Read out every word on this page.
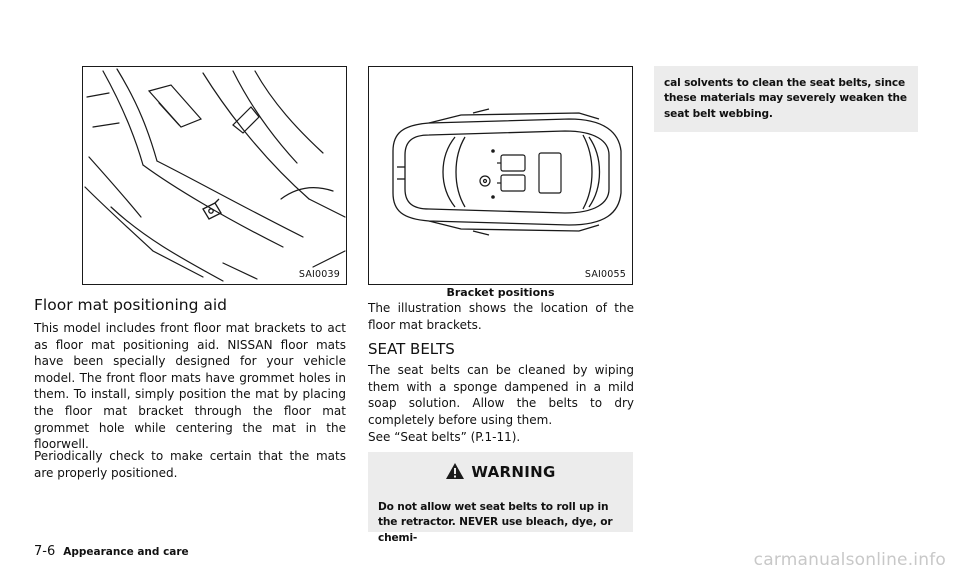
SAI0039	SAI0055
Floor mat positioning aid

This model includes front floor mat brackets to act as floor mat positioning aid. NISSAN floor mats have been specially designed for your vehicle model. The front floor mats have grommet holes in them. To install, simply position the mat by placing the floor mat bracket through the floor mat grommet hole while centering the mat in the floorwell.

Periodically check to make certain that the mats are properly positioned.

Bracket positions

The illustration shows the location of the floor mat brackets.

SEAT BELTS

The seat belts can be cleaned by wiping them with a sponge dampened in a mild soap solution. Allow the belts to dry completely before using them.

See “Seat belts” (P.1-11).

WARNING

Do not allow wet seat belts to roll up in the retractor. NEVER use bleach, dye, or chemi-

cal solvents to clean the seat belts, since these materials may severely weaken the seat belt webbing.

7-6 Appearance and care	carmanualsonline.info
